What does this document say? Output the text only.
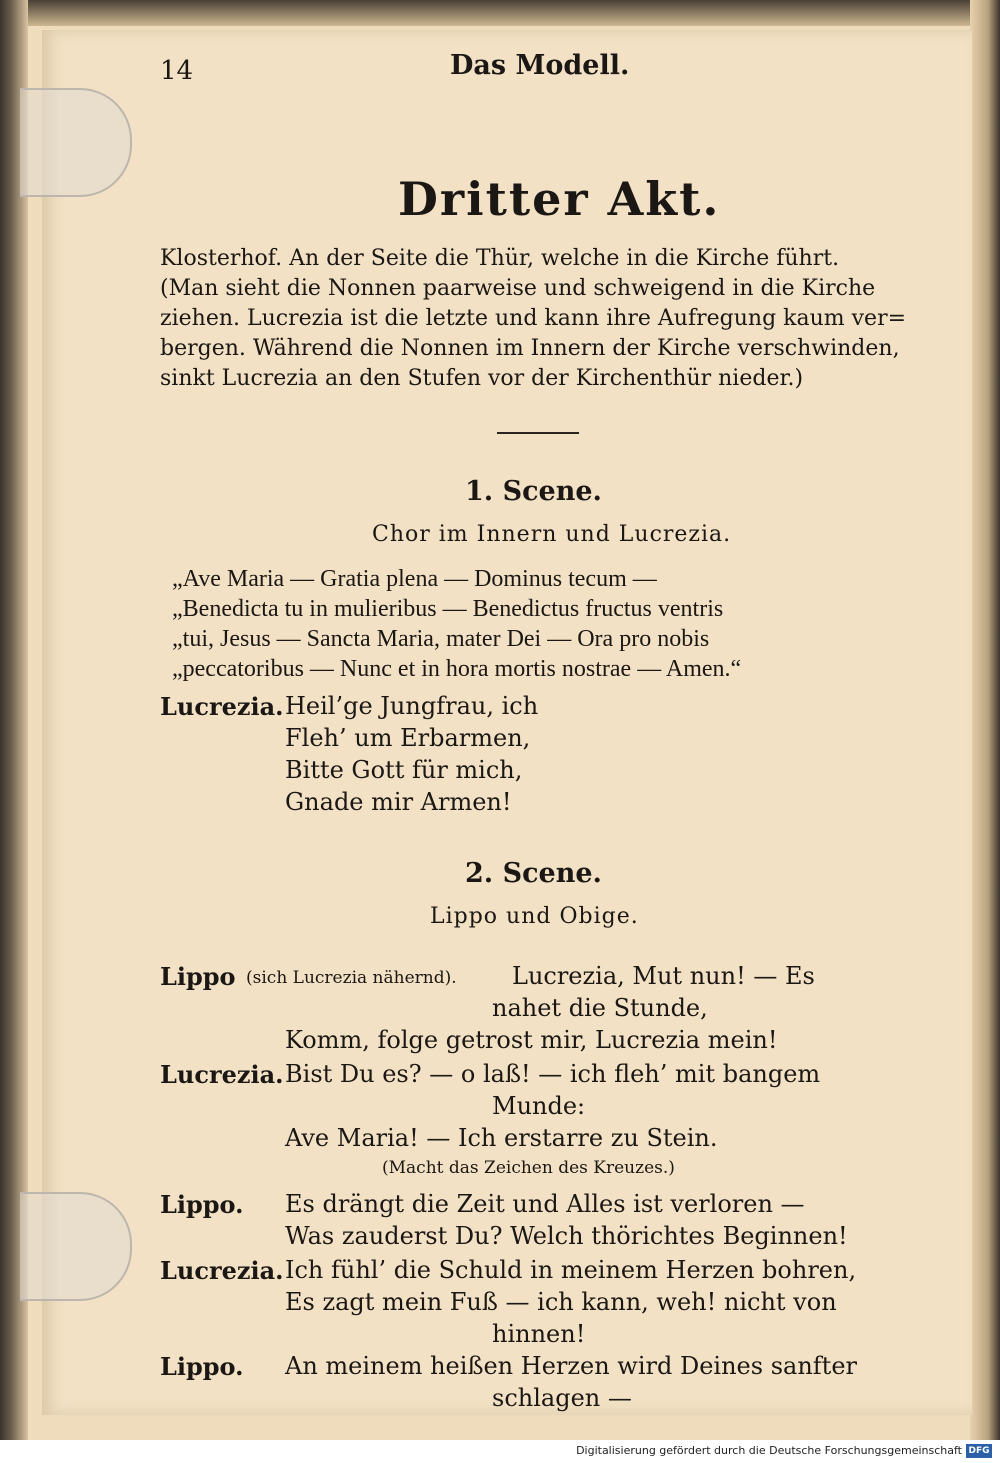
14	Das Modell.
Dritter Akt.
Klosterhof. An der Seite die Thür, welche in die Kirche führt.
(Man sieht die Nonnen paarweise und schweigend in die Kirche
ziehen. Lucrezia ist die letzte und kann ihre Aufregung kaum ver=
bergen. Während die Nonnen im Innern der Kirche verschwinden,
sinkt Lucrezia an den Stufen vor der Kirchenthür nieder.)
1. Scene.
Chor im Innern und Lucrezia.
„Ave Maria — Gratia plena — Dominus tecum —
„Benedicta tu in mulieribus — Benedictus fructus ventris
„tui, Jesus — Sancta Maria, mater Dei — Ora pro nobis
„peccatoribus — Nunc et in hora mortis nostrae — Amen.“
Lucrezia. Heil’ge Jungfrau, ich
Fleh’ um Erbarmen,
Bitte Gott für mich,
Gnade mir Armen!
2. Scene.
Lippo und Obige.
Lippo (sich Lucrezia nähernd). Lucrezia, Mut nun! — Es
nahet die Stunde,
Komm, folge getrost mir, Lucrezia mein!
Lucrezia. Bist Du es? — o laß! — ich fleh’ mit bangem
Munde:
Ave Maria! — Ich erstarre zu Stein.
(Macht das Zeichen des Kreuzes.)
Lippo. Es drängt die Zeit und Alles ist verloren —
Was zauderst Du? Welch thörichtes Beginnen!
Lucrezia. Ich fühl’ die Schuld in meinem Herzen bohren,
Es zagt mein Fuß — ich kann, weh! nicht von
hinnen!
Lippo. An meinem heißen Herzen wird Deines sanfter
schlagen —
Digitalisierung gefördert durch die Deutsche Forschungsgemeinschaft DFG
